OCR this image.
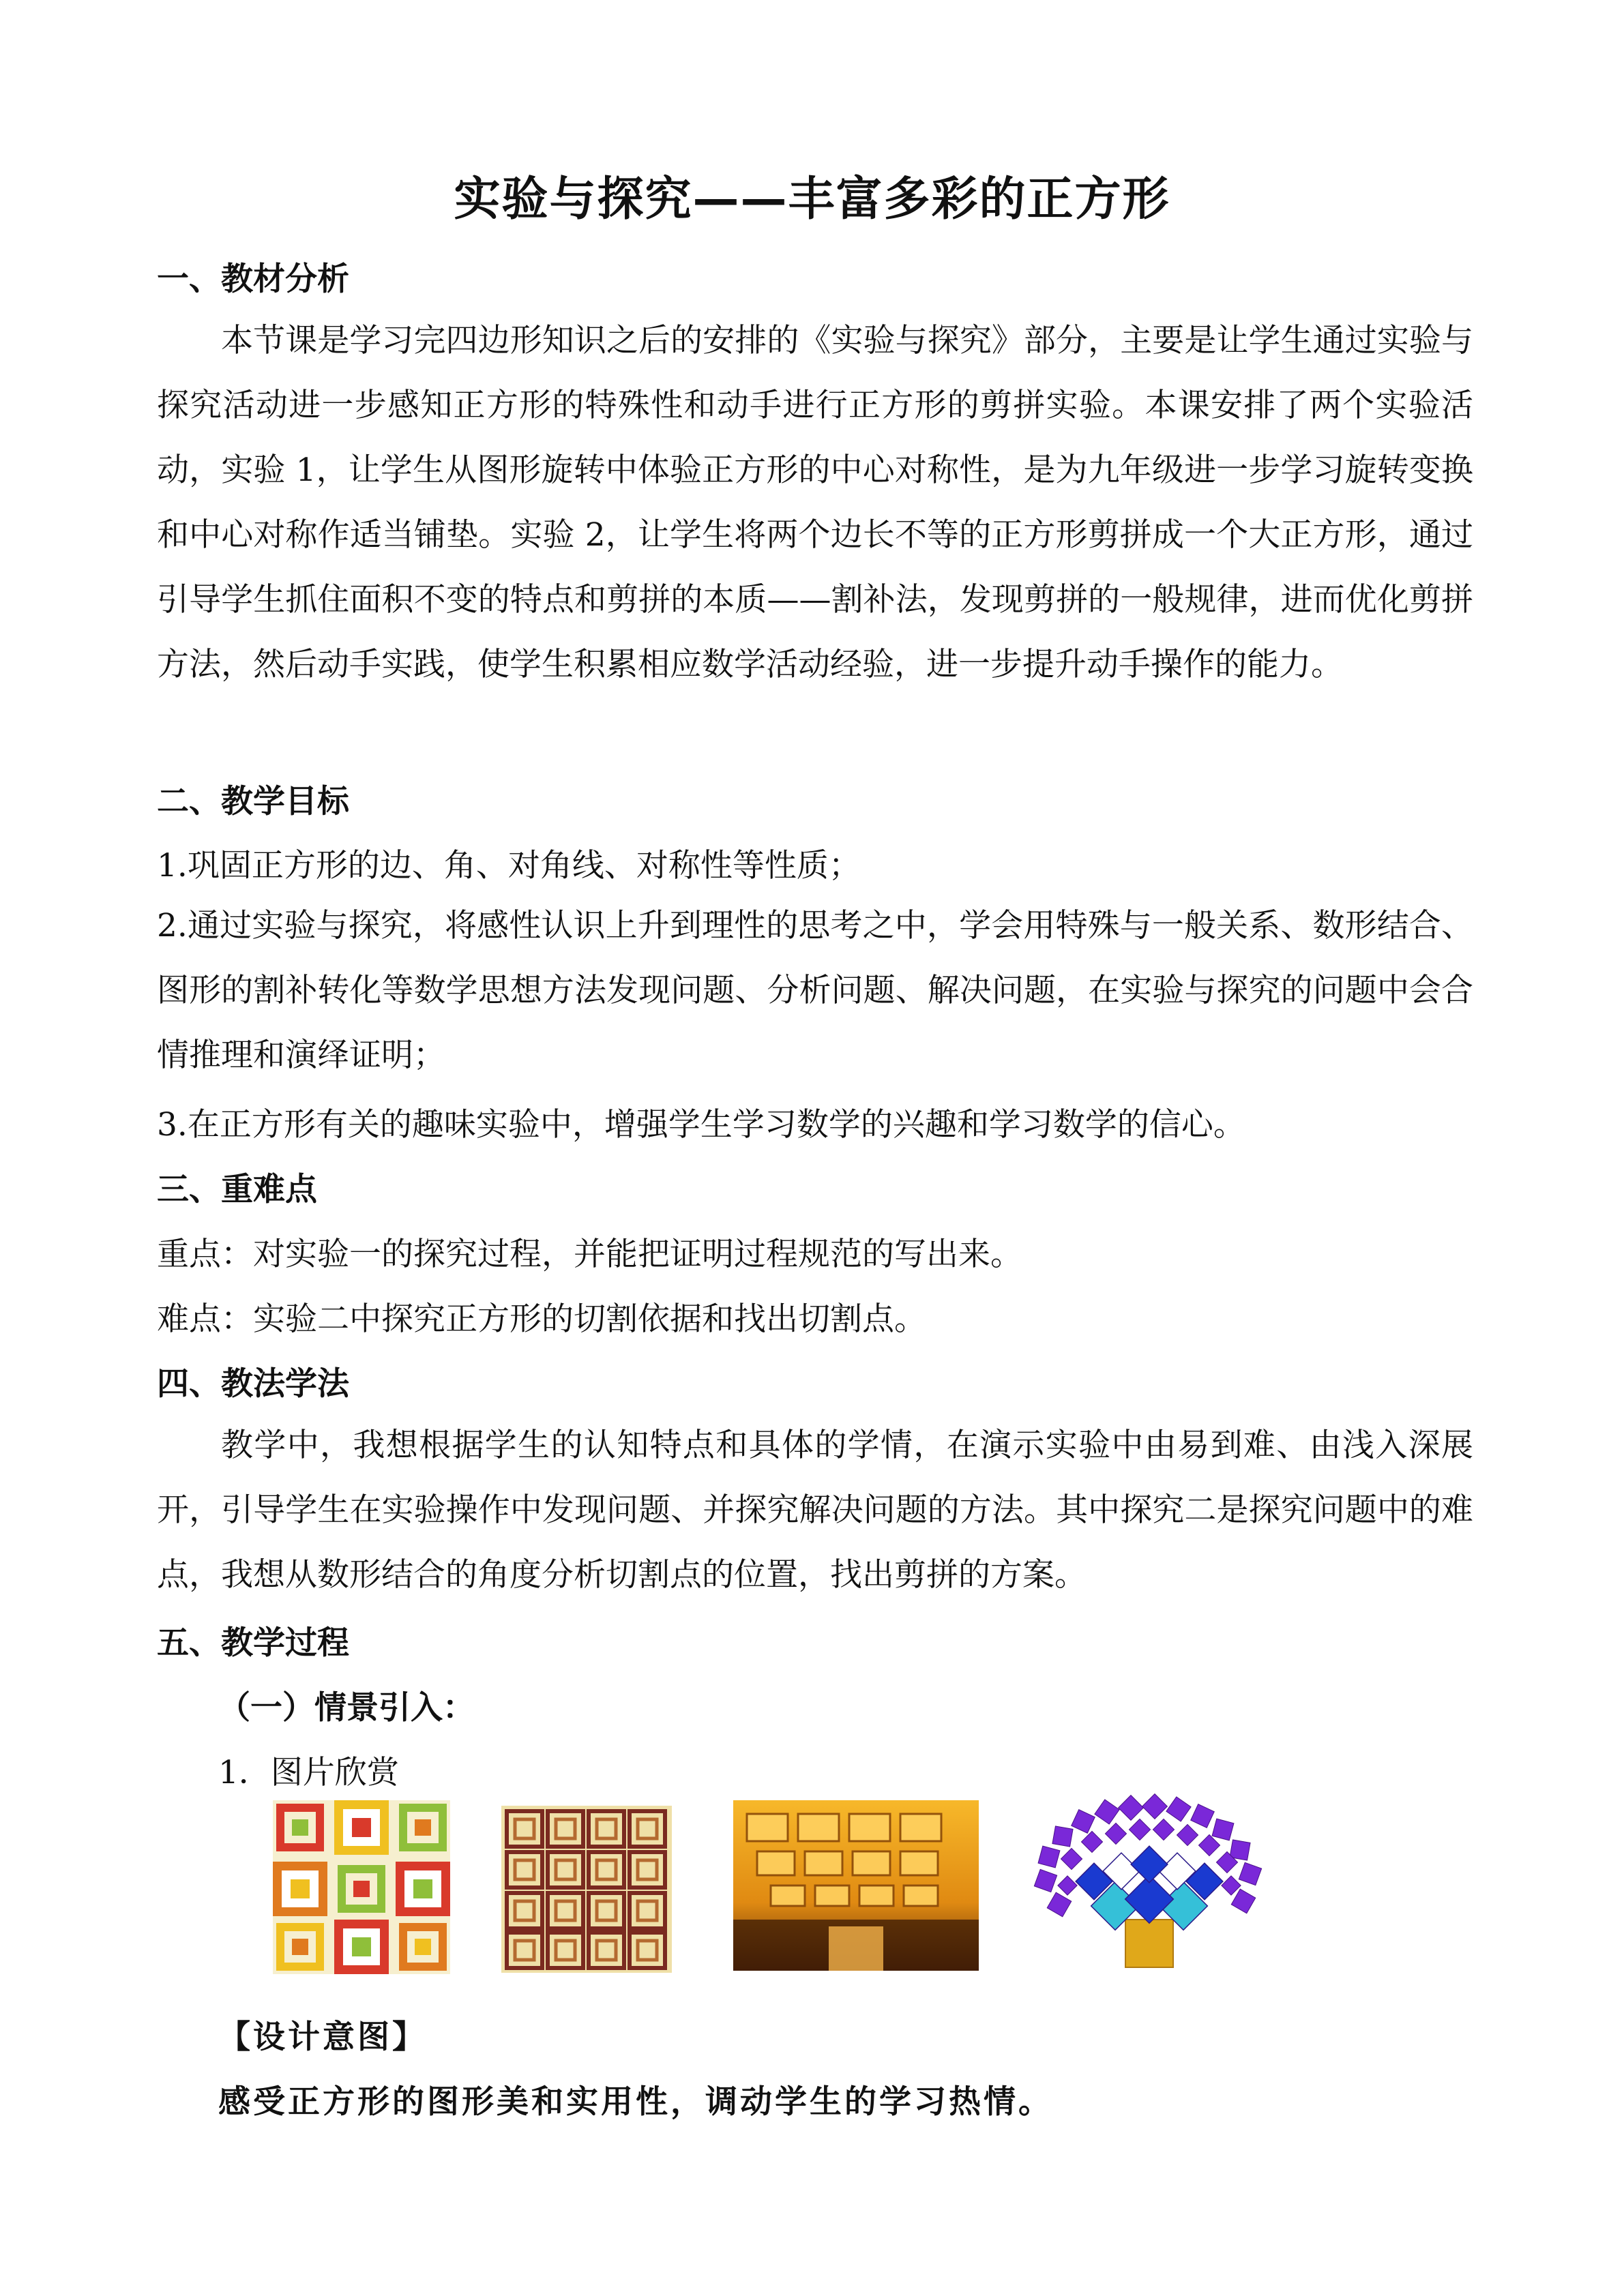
实验与探究——丰富多彩的正方形
一、教材分析
本节课是学习完四边形知识之后的安排的《实验与探究》部分，主要是让学生通过实验与探究活动进一步感知正方形的特殊性和动手进行正方形的剪拼实验。本课安排了两个实验活动，实验 1，让学生从图形旋转中体验正方形的中心对称性，是为九年级进一步学习旋转变换和中心对称作适当铺垫。实验 2，让学生将两个边长不等的正方形剪拼成一个大正方形，通过引导学生抓住面积不变的特点和剪拼的本质——割补法，发现剪拼的一般规律，进而优化剪拼方法，然后动手实践，使学生积累相应数学活动经验，进一步提升动手操作的能力。
二、教学目标
1.巩固正方形的边、角、对角线、对称性等性质；
2.通过实验与探究，将感性认识上升到理性的思考之中，学会用特殊与一般关系、数形结合、图形的割补转化等数学思想方法发现问题、分析问题、解决问题，在实验与探究的问题中会合情推理和演绎证明；
3.在正方形有关的趣味实验中，增强学生学习数学的兴趣和学习数学的信心。
三、重难点
重点：对实验一的探究过程，并能把证明过程规范的写出来。
难点：实验二中探究正方形的切割依据和找出切割点。
四、教法学法
教学中，我想根据学生的认知特点和具体的学情，在演示实验中由易到难、由浅入深展开，引导学生在实验操作中发现问题、并探究解决问题的方法。其中探究二是探究问题中的难点，我想从数形结合的角度分析切割点的位置，找出剪拼的方案。
五、教学过程
（一）情景引入：
1．图片欣赏
【设计意图】
感受正方形的图形美和实用性，调动学生的学习热情。
